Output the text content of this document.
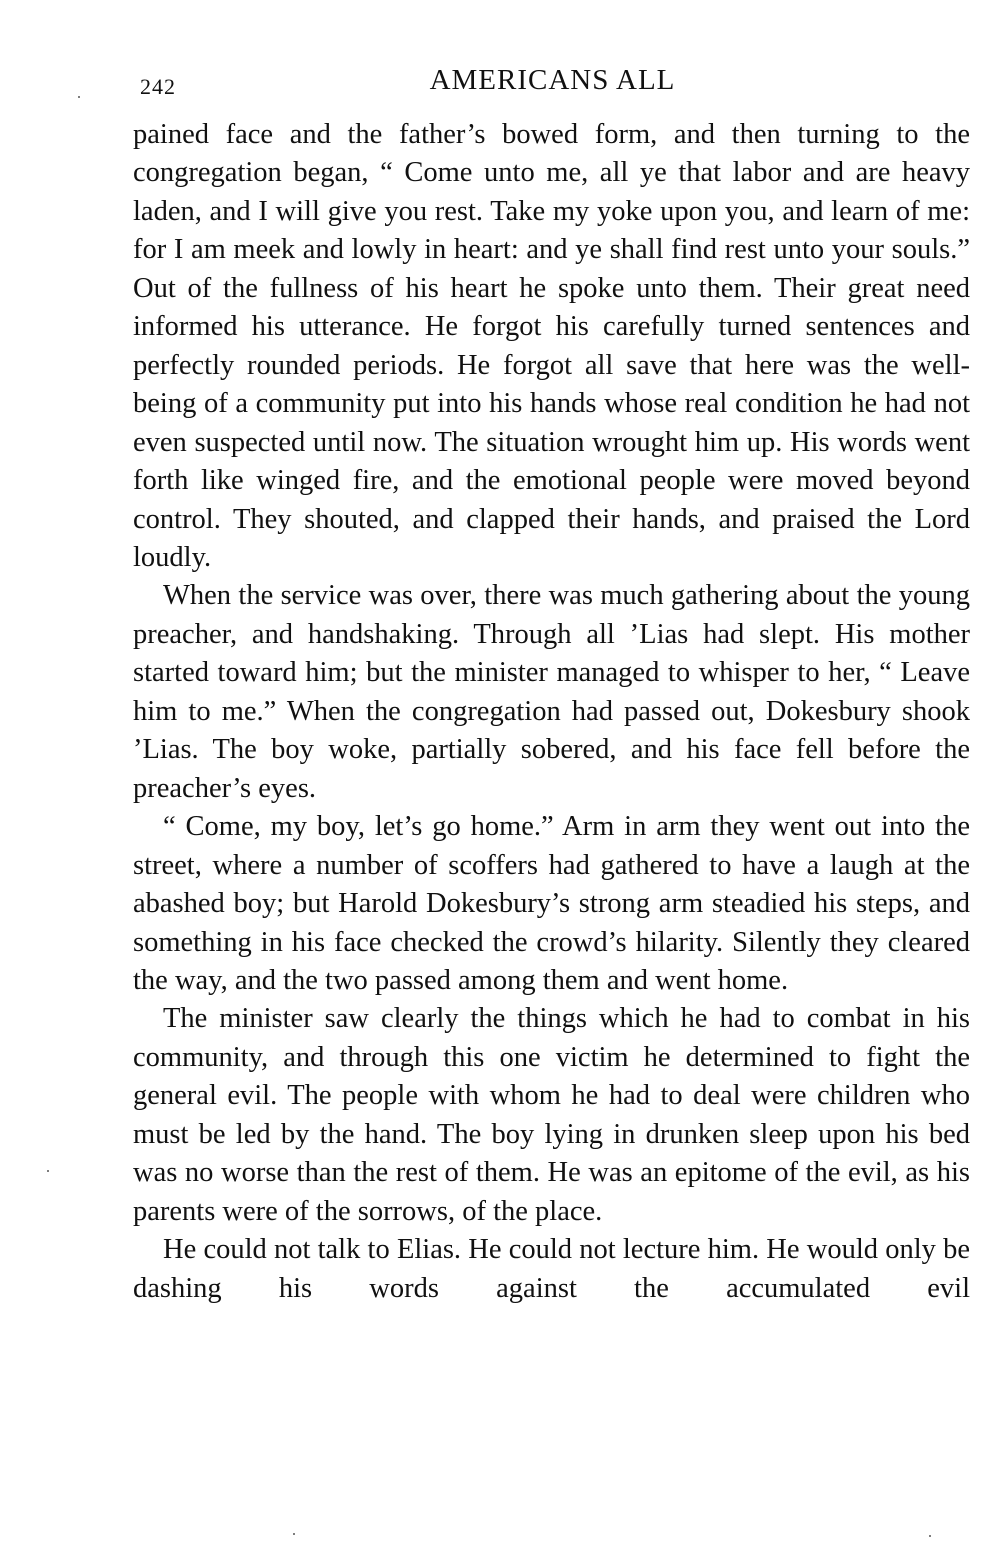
242	AMERICANS ALL

pained face and the father’s bowed form, and then turning to the congregation began, “ Come unto me, all ye that labor and are heavy laden, and I will give you rest. Take my yoke upon you, and learn of me: for I am meek and lowly in heart: and ye shall find rest unto your souls.” Out of the fullness of his heart he spoke unto them. Their great need informed his utterance. He forgot his carefully turned sentences and perfectly rounded periods. He forgot all save that here was the well-being of a community put into his hands whose real condition he had not even suspected until now. The situation wrought him up. His words went forth like winged fire, and the emotional people were moved beyond control. They shouted, and clapped their hands, and praised the Lord loudly.

When the service was over, there was much gathering about the young preacher, and handshaking. Through all ’Lias had slept. His mother started toward him; but the minister managed to whisper to her, “ Leave him to me.” When the congregation had passed out, Dokesbury shook ’Lias. The boy woke, partially sobered, and his face fell before the preacher’s eyes.

“ Come, my boy, let’s go home.” Arm in arm they went out into the street, where a number of scoffers had gathered to have a laugh at the abashed boy; but Harold Dokesbury’s strong arm steadied his steps, and something in his face checked the crowd’s hilarity. Silently they cleared the way, and the two passed among them and went home.

The minister saw clearly the things which he had to combat in his community, and through this one victim he determined to fight the general evil. The people with whom he had to deal were children who must be led by the hand. The boy lying in drunken sleep upon his bed was no worse than the rest of them. He was an epitome of the evil, as his parents were of the sorrows, of the place.

He could not talk to Elias. He could not lecture him. He would only be dashing his words against the accumulated evil
